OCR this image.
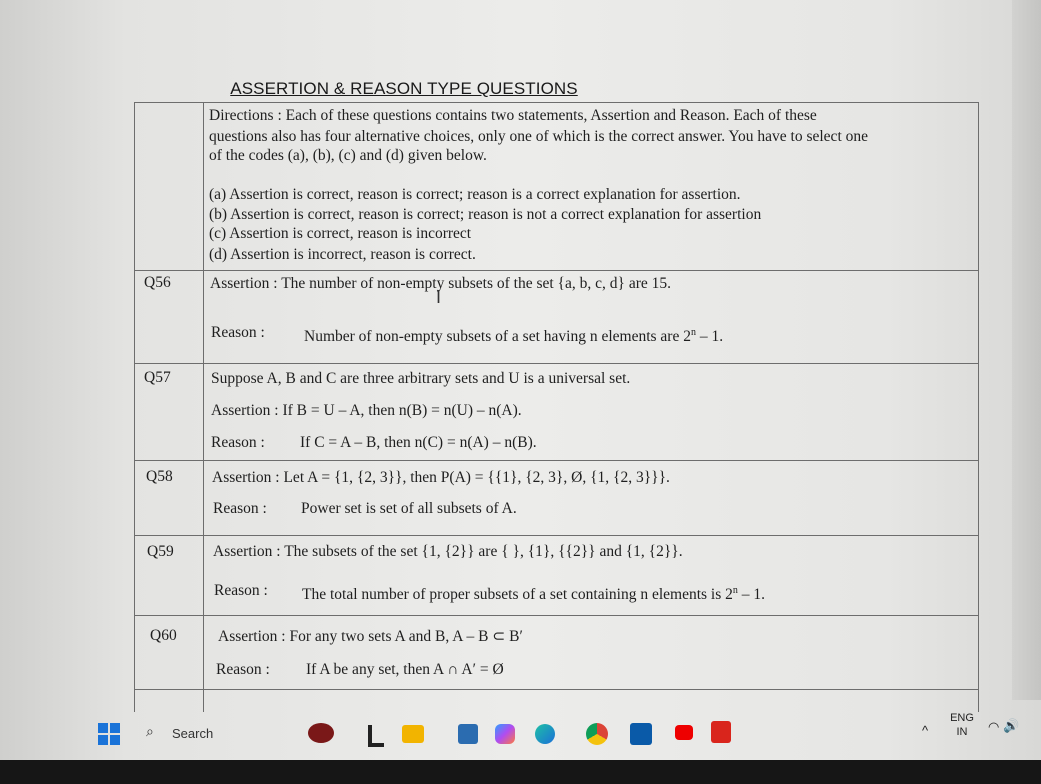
ASSERTION & REASON TYPE QUESTIONS
Directions : Each of these questions contains two statements, Assertion and Reason. Each of these
questions also has four alternative choices, only one of which is the correct answer. You have to select one
of the codes (a), (b), (c) and (d) given below.
(a) Assertion is correct, reason is correct; reason is a correct explanation for assertion.
(b) Assertion is correct, reason is correct; reason is not a correct explanation for assertion
(c) Assertion is correct, reason is incorrect
(d) Assertion is incorrect, reason is correct.
Q56	Assertion : The number of non-empty subsets of the set {a, b, c, d} are 15.
I
Reason :	Number of non-empty subsets of a set having n elements are 2$^n$ – 1.
Q57	Suppose A, B and C are three arbitrary sets and U is a universal set.
Assertion : If B = U – A, then n(B) = n(U) – n(A).
Reason : If C = A – B, then n(C) = n(A) – n(B).
Q58	Assertion : Let A = {1, {2, 3}}, then P(A) = {{1}, {2, 3}, Ø, {1, {2, 3}}}.
Reason : Power set is set of all subsets of A.
Q59	Assertion : The subsets of the set {1, {2}} are { }, {1}, {{2}} and {1, {2}}.
Reason : The total number of proper subsets of a set containing n elements is 2$^n$ – 1.
Q60	Assertion : For any two sets A and B, A – B ⊂ B′
Reason : If A be any set, then A ∩ A′ = Ø
⌕ Search	^
ENG
IN	◠ 🔊
